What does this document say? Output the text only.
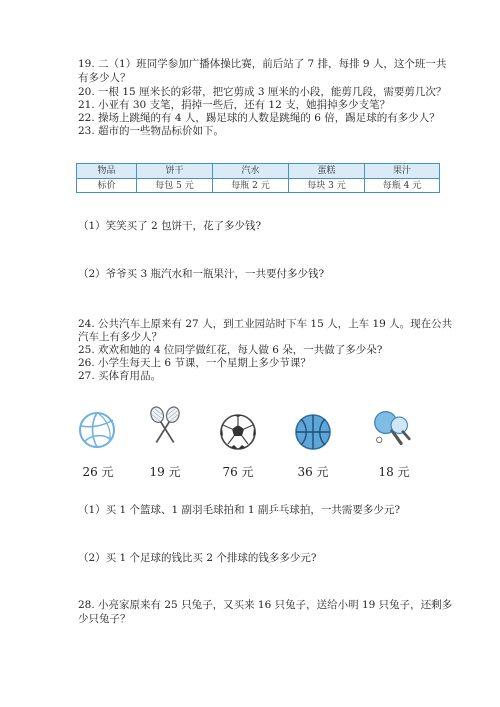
19. 二（1）班同学参加广播体操比赛，前后站了 7 排，每排 9 人，这个班一共
有多少人？
20. 一根 15 厘米长的彩带，把它剪成 3 厘米的小段，能剪几段，需要剪几次？
21. 小亚有 30 支笔，捐掉一些后，还有 12 支，她捐掉多少支笔？
22. 操场上跳绳的有 4 人，踢足球的人数是跳绳的 6 倍，踢足球的有多少人？
23. 超市的一些物品标价如下。
物品	饼干	汽水	蛋糕	果汁
标价	每包 5 元	每瓶 2 元	每块 3 元	每瓶 4 元
（1）笑笑买了 2 包饼干，花了多少钱?
（2）爷爷买 3 瓶汽水和一瓶果汁，一共要付多少钱?
24. 公共汽车上原来有 27 人，到工业园站时下车 15 人，上车 19 人。现在公共
汽车上有多少人？
25. 欢欢和她的 4 位同学做红花，每人做 6 朵，一共做了多少朵?
26. 小学生每天上 6 节课，一个星期上多少节课？
27. 买体育用品。
26 元	19 元	76 元	36 元	18 元
（1）买 1 个篮球、1 副羽毛球拍和 1 副乒乓球拍，一共需要多少元?
（2）买 1 个足球的钱比买 2 个排球的钱多多少元?
28. 小亮家原来有 25 只兔子，又买来 16 只兔子，送给小明 19 只兔子，还剩多
少只兔子？
